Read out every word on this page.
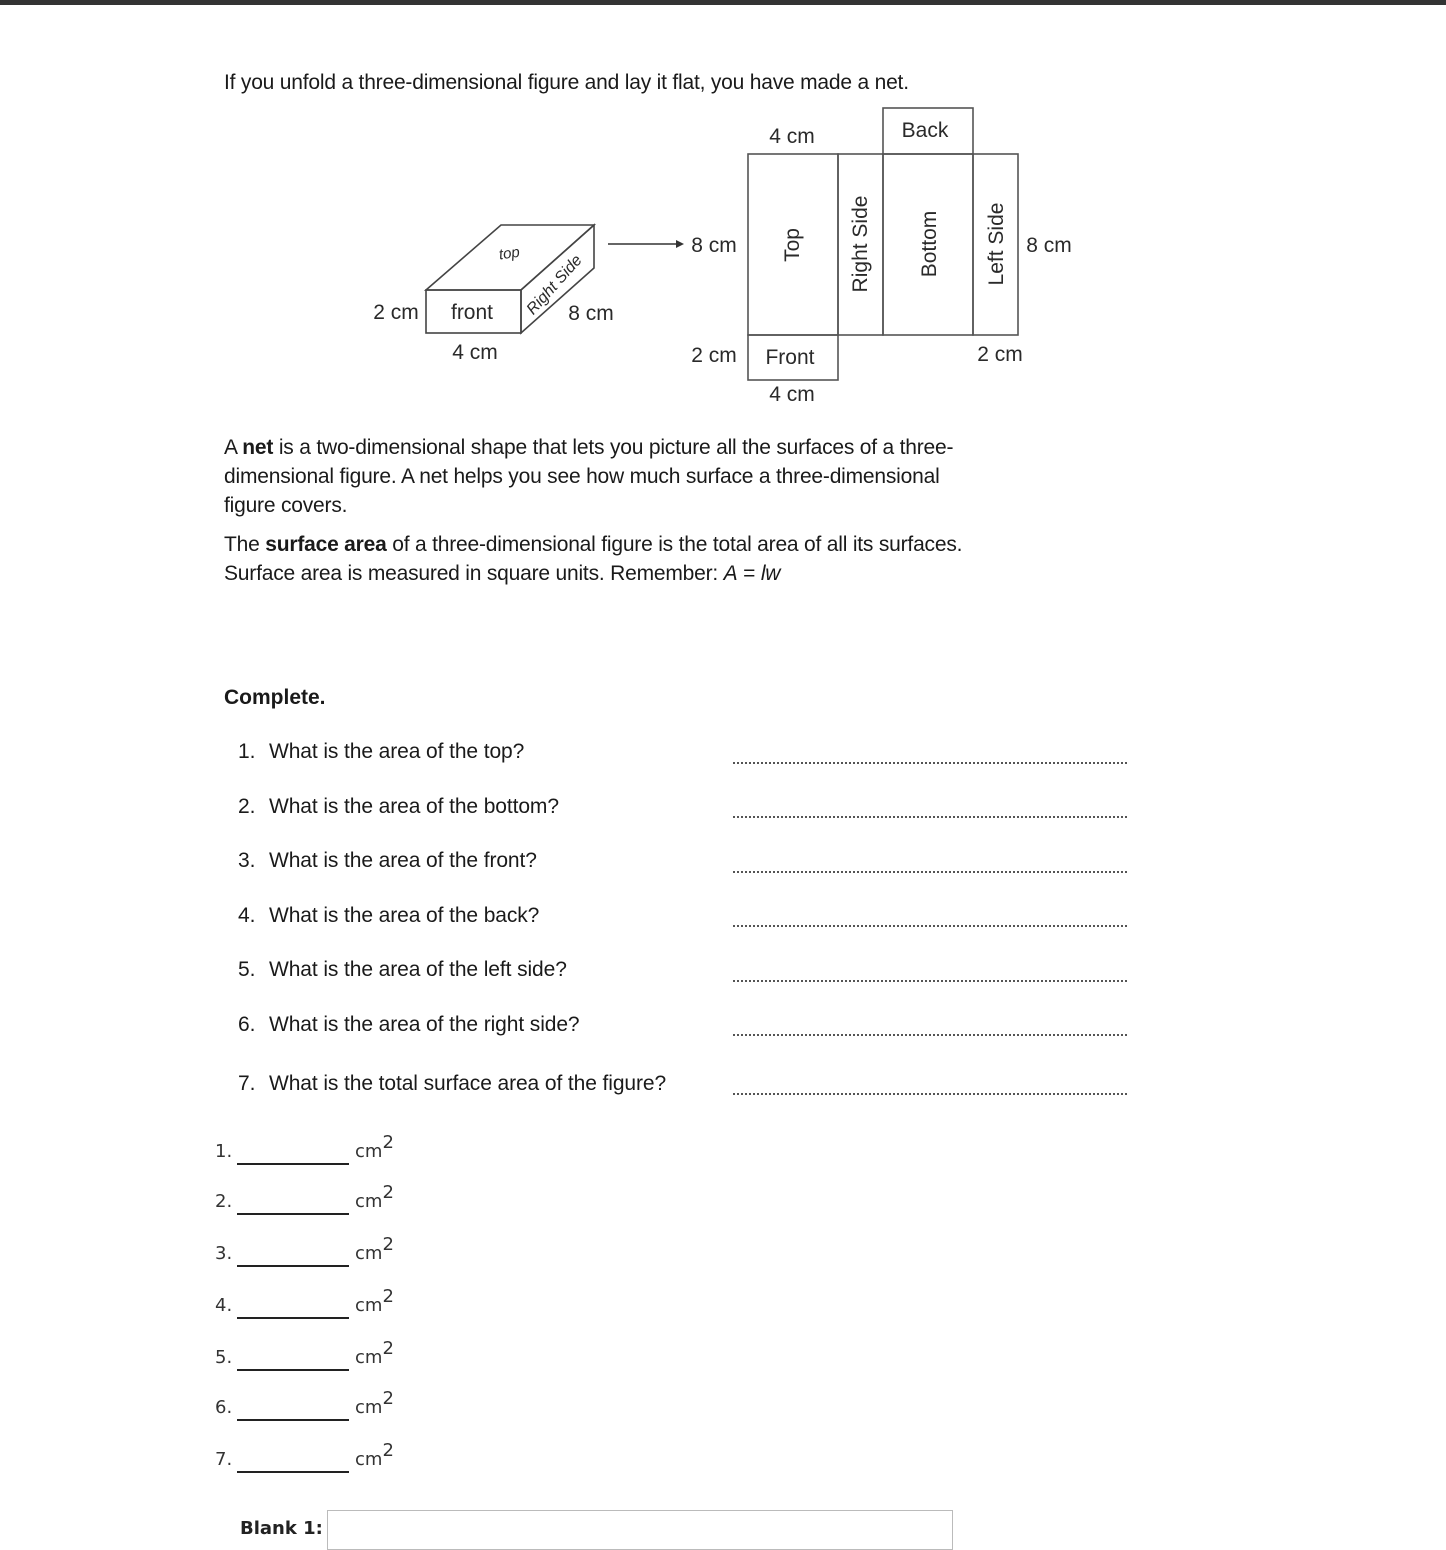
If you unfold a three-dimensional figure and lay it flat, you have made a net.
top
front Right Side
2 cm
4 cm
8 cm
8 cm
Back
Top Right Side Bottom Left Side
Front
4 cm
8 cm
2 cm
4 cm
2 cm
A net is a two-dimensional shape that lets you picture all the surfaces of a three-dimensional figure. A net helps you see how much surface a three-dimensional figure covers.
The surface area of a three-dimensional figure is the total area of all its surfaces. Surface area is measured in square units. Remember: A = lw
Complete.
1. What is the area of the top?
2. What is the area of the bottom?
3. What is the area of the front?
4. What is the area of the back?
5. What is the area of the left side?
6. What is the area of the right side?
7. What is the total surface area of the figure?
1.	$cm^2$
2.	$cm^2$
3.	$cm^2$
4.	$cm^2$
5.	$cm^2$
6.	$cm^2$
7.	$cm^2$
Blank 1:
